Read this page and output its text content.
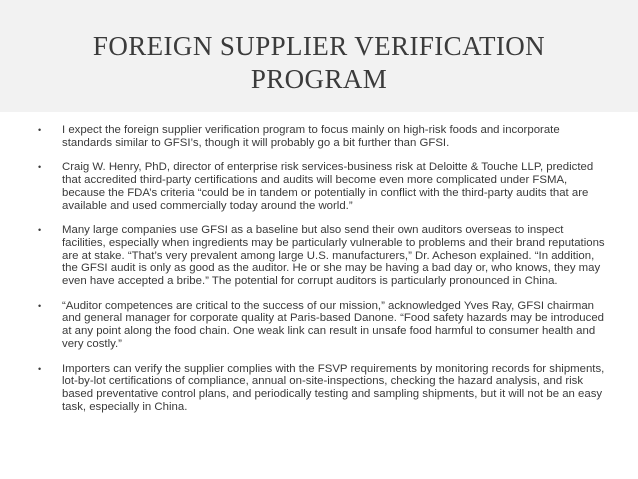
FOREIGN SUPPLIER VERIFICATION
PROGRAM
• I expect the foreign supplier verification program to focus mainly on high-risk foods and incorporate standards similar to GFSI’s, though it will probably go a bit further than GFSI.
• Craig W. Henry, PhD, director of enterprise risk services-business risk at Deloitte & Touche LLP, predicted that accredited third-party certifications and audits will become even more complicated under FSMA, because the FDA’s criteria “could be in tandem or potentially in conflict with the third-party audits that are available and used commercially today around the world.”
• Many large companies use GFSI as a baseline but also send their own auditors overseas to inspect facilities, especially when ingredients may be particularly vulnerable to problems and their brand reputations are at stake. “That’s very prevalent among large U.S. manufacturers,” Dr. Acheson explained. “In addition, the GFSI audit is only as good as the auditor. He or she may be having a bad day or, who knows, they may even have accepted a bribe.” The potential for corrupt auditors is particularly pronounced in China.
• “Auditor competences are critical to the success of our mission,” acknowledged Yves Ray, GFSI chairman and general manager for corporate quality at Paris-based Danone. “Food safety hazards may be introduced at any point along the food chain. One weak link can result in unsafe food harmful to consumer health and very costly.”
• Importers can verify the supplier complies with the FSVP requirements by monitoring records for shipments, lot-by-lot certifications of compliance, annual on-site-inspections, checking the hazard analysis, and risk based preventative control plans, and periodically testing and sampling shipments, but it will not be an easy task, especially in China.
